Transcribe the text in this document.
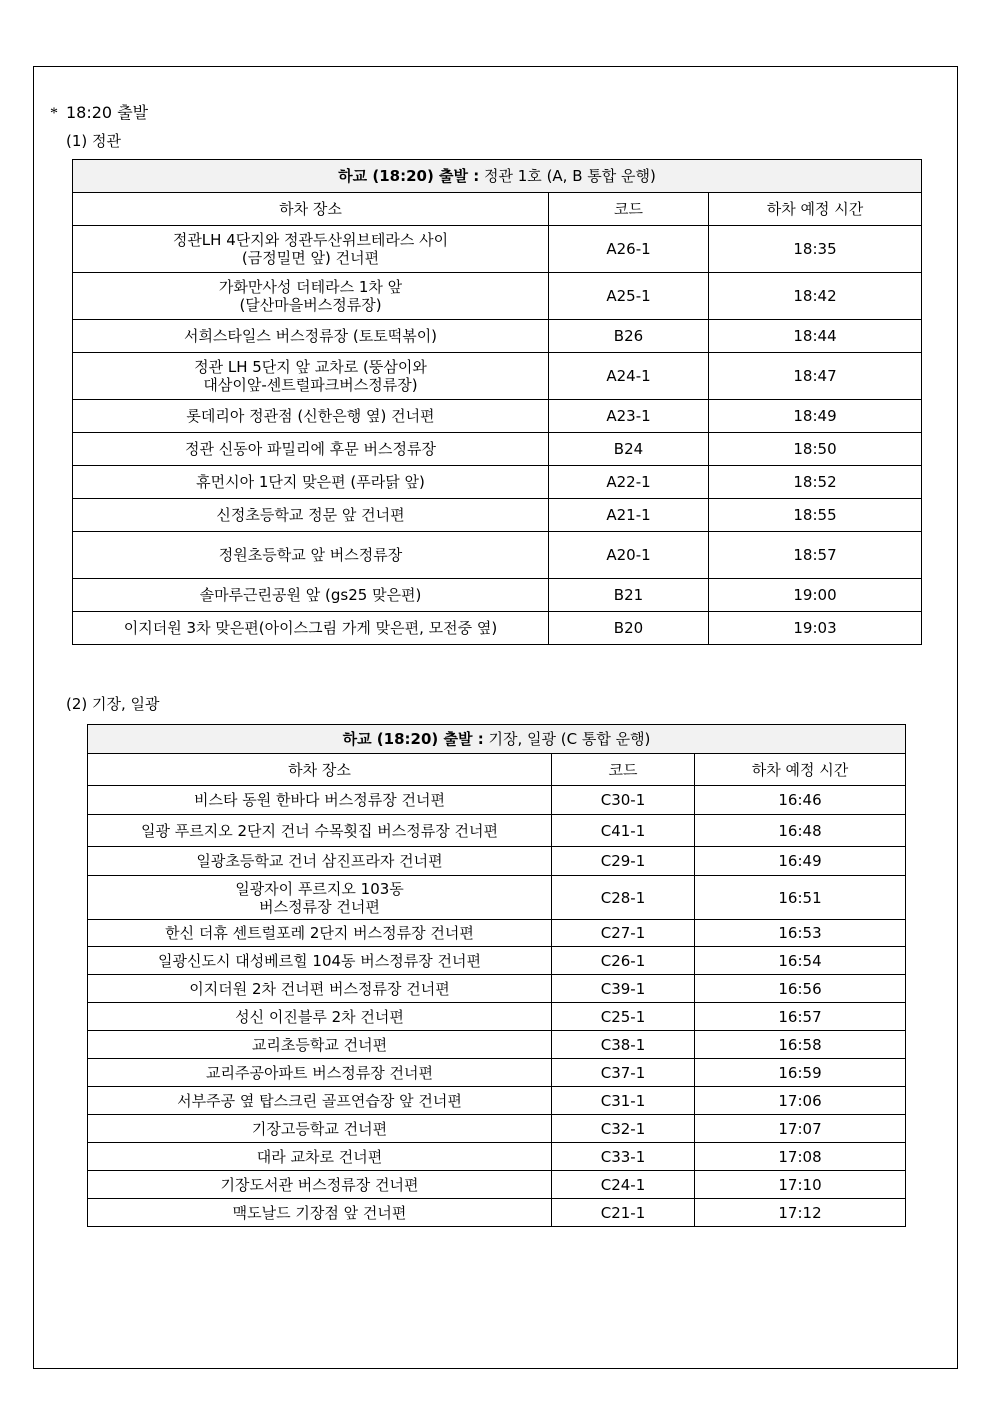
* 18:20 출발
(1) 정관
하교 (18:20) 출발 : 정관 1호 (A, B 통합 운행)		
하차 장소	코드	하차 예정 시간

정관LH 4단지와 정관두산위브테라스 사이
(금정밀면 앞) 건너편	A26-1	18:35

가화만사성 더테라스 1차 앞
(달산마을버스정류장)	A25-1	18:42

서희스타일스 버스정류장 (토토떡볶이)	B26	18:44

정관 LH 5단지 앞 교차로 (뚱삼이와
대삼이앞-센트럴파크버스정류장)	A24-1	18:47

롯데리아 정관점 (신한은행 옆) 건너편	A23-1	18:49

정관 신동아 파밀리에 후문 버스정류장	B24	18:50

휴먼시아 1단지 맞은편 (푸라닭 앞)	A22-1	18:52

신정초등학교 정문 앞 건너편	A21-1	18:55

정원초등학교 앞 버스정류장	A20-1	18:57

솔마루근린공원 앞 (gs25 맞은편)	B21	19:00

이지더원 3차 맞은편(아이스그림 가게 맞은편, 모전중 옆)	B20	19:03
(2) 기장, 일광
하교 (18:20) 출발 : 기장, 일광 (C 통합 운행)		
하차 장소	코드	하차 예정 시간

비스타 동원 한바다 버스정류장 건너편	C30-1	16:46

일광 푸르지오 2단지 건너 수목횟집 버스정류장 건너편	C41-1	16:48

일광초등학교 건너 삼진프라자 건너편	C29-1	16:49

일광자이 푸르지오 103동
버스정류장 건너편	C28-1	16:51

한신 더휴 센트럴포레 2단지 버스정류장 건너편	C27-1	16:53

일광신도시 대성베르힐 104동 버스정류장 건너편	C26-1	16:54

이지더원 2차 건너편 버스정류장 건너편	C39-1	16:56

성신 이진블루 2차 건너편	C25-1	16:57

교리초등학교 건너편	C38-1	16:58

교리주공아파트 버스정류장 건너편	C37-1	16:59

서부주공 옆 탑스크린 골프연습장 앞 건너편	C31-1	17:06

기장고등학교 건너편	C32-1	17:07

대라 교차로 건너편	C33-1	17:08

기장도서관 버스정류장 건너편	C24-1	17:10

맥도날드 기장점 앞 건너편	C21-1	17:12
